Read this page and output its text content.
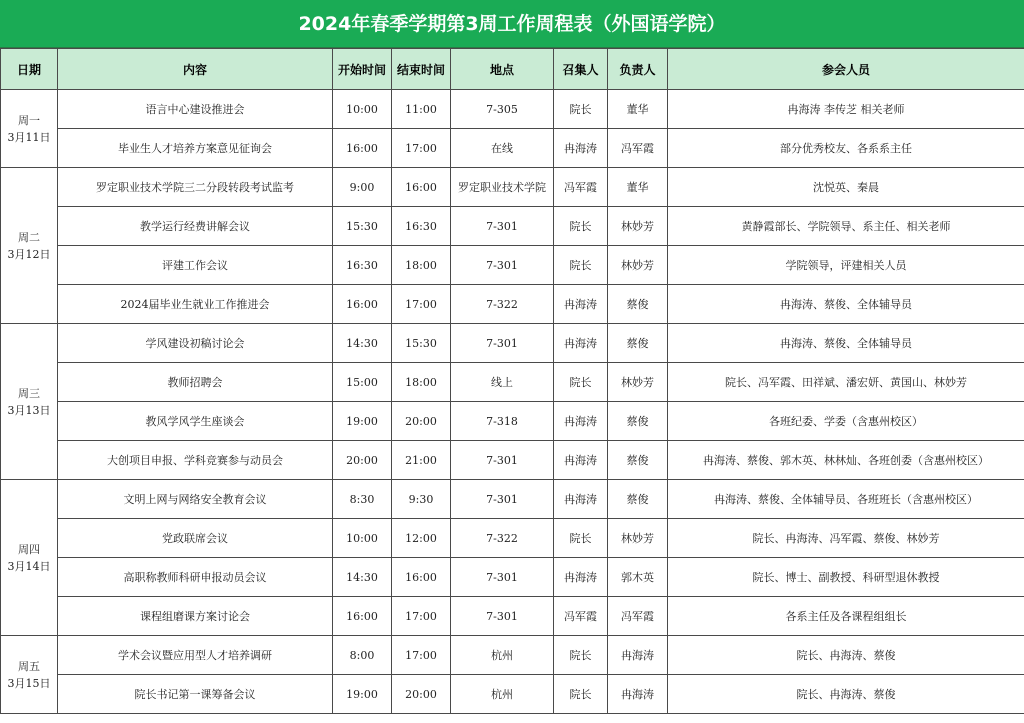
2024年春季学期第3周工作周程表（外国语学院）
日期	内容	开始时间	结束时间	地点	召集人	负责人	参会人员

周一
3月11日	语言中心建设推进会	10:00	11:00	7-305	院长	董华	冉海涛 李传芝 相关老师
	毕业生人才培养方案意见征询会	16:00	17:00	在线	冉海涛	冯军霞	部分优秀校友、各系系主任

周二
3月12日	罗定职业技术学院三二分段转段考试监考	9:00	16:00	罗定职业技术学院	冯军霞	董华	沈悦英、秦晨
	教学运行经费讲解会议	15:30	16:30	7-301	院长	林妙芳	黄静霞部长、学院领导、系主任、相关老师
	评建工作会议	16:30	18:00	7-301	院长	林妙芳	学院领导，评建相关人员
	2024届毕业生就业工作推进会	16:00	17:00	7-322	冉海涛	蔡俊	冉海涛、蔡俊、全体辅导员

周三
3月13日	学风建设初稿讨论会	14:30	15:30	7-301	冉海涛	蔡俊	冉海涛、蔡俊、全体辅导员
	教师招聘会	15:00	18:00	线上	院长	林妙芳	院长、冯军霞、田祥斌、潘宏妍、黄国山、林妙芳
	教风学风学生座谈会	19:00	20:00	7-318	冉海涛	蔡俊	各班纪委、学委（含惠州校区）
	大创项目申报、学科竞赛参与动员会	20:00	21:00	7-301	冉海涛	蔡俊	冉海涛、蔡俊、郭木英、林林灿、各班创委（含惠州校区）

周四
3月14日	文明上网与网络安全教育会议	8:30	9:30	7-301	冉海涛	蔡俊	冉海涛、蔡俊、全体辅导员、各班班长（含惠州校区）
	党政联席会议	10:00	12:00	7-322	院长	林妙芳	院长、冉海涛、冯军霞、蔡俊、林妙芳
	高职称教师科研申报动员会议	14:30	16:00	7-301	冉海涛	郭木英	院长、博士、副教授、科研型退休教授
	课程组磨课方案讨论会	16:00	17:00	7-301	冯军霞	冯军霞	各系主任及各课程组组长

周五
3月15日	学术会议暨应用型人才培养调研	8:00	17:00	杭州	院长	冉海涛	院长、冉海涛、蔡俊
	院长书记第一课筹备会议	19:00	20:00	杭州	院长	冉海涛	院长、冉海涛、蔡俊
